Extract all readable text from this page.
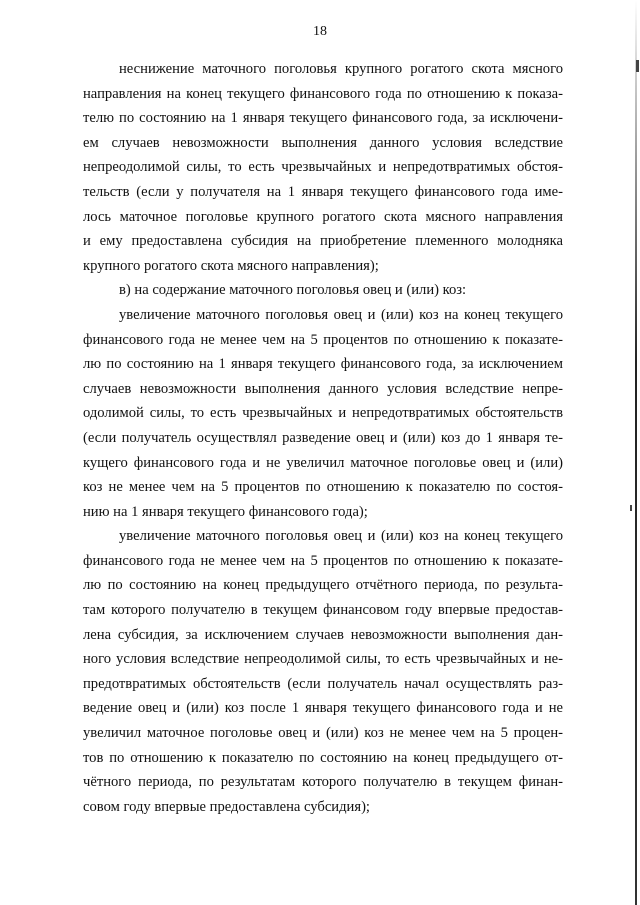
18
неснижение маточного поголовья крупного рогатого скота мясного
направления на конец текущего финансового года по отношению к показа-
телю по состоянию на 1 января текущего финансового года, за исключени-
ем случаев невозможности выполнения данного условия вследствие
непреодолимой силы, то есть чрезвычайных и непредотвратимых обстоя-
тельств (если у получателя на 1 января текущего финансового года име-
лось маточное поголовье крупного рогатого скота мясного направления
и ему предоставлена субсидия на приобретение племенного молодняка
крупного рогатого скота мясного направления);
в) на содержание маточного поголовья овец и (или) коз:
увеличение маточного поголовья овец и (или) коз на конец текущего
финансового года не менее чем на 5 процентов по отношению к показате-
лю по состоянию на 1 января текущего финансового года, за исключением
случаев невозможности выполнения данного условия вследствие непре-
одолимой силы, то есть чрезвычайных и непредотвратимых обстоятельств
(если получатель осуществлял разведение овец и (или) коз до 1 января те-
кущего финансового года и не увеличил маточное поголовье овец и (или)
коз не менее чем на 5 процентов по отношению к показателю по состоя-
нию на 1 января текущего финансового года);
увеличение маточного поголовья овец и (или) коз на конец текущего
финансового года не менее чем на 5 процентов по отношению к показате-
лю по состоянию на конец предыдущего отчётного периода, по результа-
там которого получателю в текущем финансовом году впервые предостав-
лена субсидия, за исключением случаев невозможности выполнения дан-
ного условия вследствие непреодолимой силы, то есть чрезвычайных и не-
предотвратимых обстоятельств (если получатель начал осуществлять раз-
ведение овец и (или) коз после 1 января текущего финансового года и не
увеличил маточное поголовье овец и (или) коз не менее чем на 5 процен-
тов по отношению к показателю по состоянию на конец предыдущего от-
чётного периода, по результатам которого получателю в текущем финан-
совом году впервые предоставлена субсидия);
